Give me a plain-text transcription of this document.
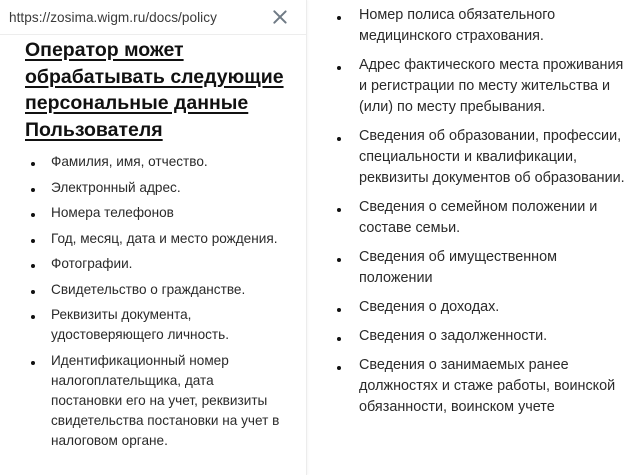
https://zosima.wigm.ru/docs/policy
Оператор может обрабатывать следующие персональные данные Пользователя
Фамилия, имя, отчество.
Электронный адрес.
Номера телефонов
Год, месяц, дата и место рождения.
Фотографии.
Свидетельство о гражданстве.
Реквизиты документа, удостоверяющего личность.
Идентификационный номер налогоплательщика, дата постановки его на учет, реквизиты свидетельства постановки на учет в налоговом органе.
Номер полиса обязательного медицинского страхования.
Адрес фактического места проживания и регистрации по месту жительства и (или) по месту пребывания.
Сведения об образовании, профессии, специальности и квалификации, реквизиты документов об образовании.
Сведения о семейном положении и составе семьи.
Сведения об имущественном положении
Сведения о доходах.
Сведения о задолженности.
Сведения о занимаемых ранее должностях и стаже работы, воинской обязанности, воинском учете
